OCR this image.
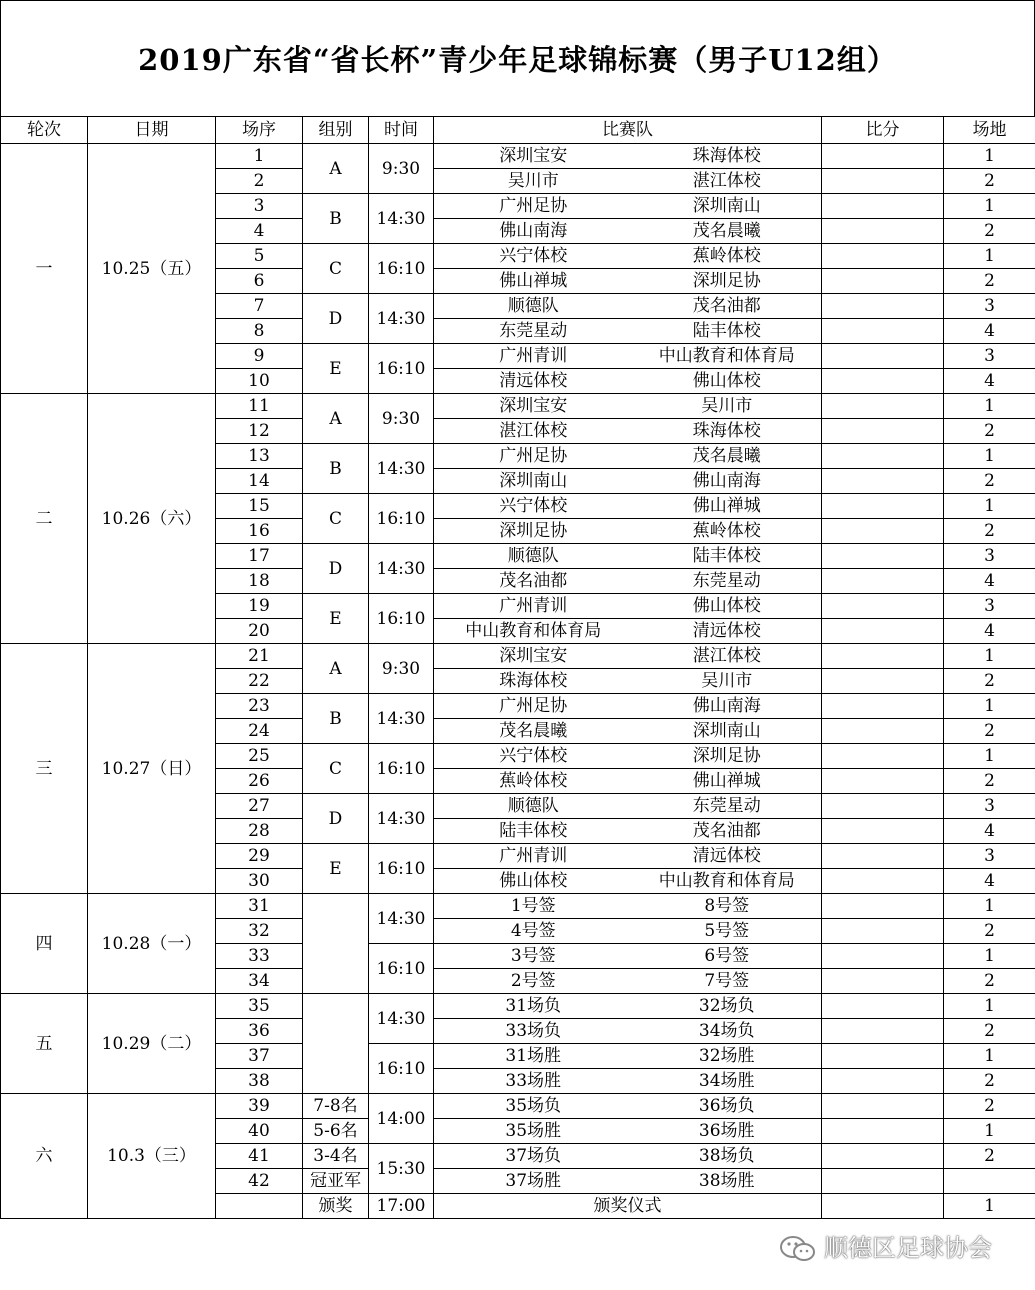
2019广东省“省长杯”青少年足球锦标赛（男子U12组）
轮次	日期	场序	组别	时间	比赛队		比分	场地
一	10.25（五）	1	A	9:30	深圳宝安	珠海体校		1
		2			吴川市	湛江体校		2
		3	B	14:30	广州足协	深圳南山		1
		4			佛山南海	茂名晨曦		2
		5	C	16:10	兴宁体校	蕉岭体校		1
		6			佛山禅城	深圳足协		2
		7	D	14:30	顺德队	茂名油都		3
		8			东莞星动	陆丰体校		4
		9	E	16:10	广州青训	中山教育和体育局		3
		10			清远体校	佛山体校		4
二	10.26（六）	11	A	9:30	深圳宝安	吴川市		1
		12			湛江体校	珠海体校		2
		13	B	14:30	广州足协	茂名晨曦		1
		14			深圳南山	佛山南海		2
		15	C	16:10	兴宁体校	佛山禅城		1
		16			深圳足协	蕉岭体校		2
		17	D	14:30	顺德队	陆丰体校		3
		18			茂名油都	东莞星动		4
		19	E	16:10	广州青训	佛山体校		3
		20			中山教育和体育局	清远体校		4
三	10.27（日）	21	A	9:30	深圳宝安	湛江体校		1
		22			珠海体校	吴川市		2
		23	B	14:30	广州足协	佛山南海		1
		24			茂名晨曦	深圳南山		2
		25	C	16:10	兴宁体校	深圳足协		1
		26			蕉岭体校	佛山禅城		2
		27	D	14:30	顺德队	东莞星动		3
		28			陆丰体校	茂名油都		4
		29	E	16:10	广州青训	清远体校		3
		30			佛山体校	中山教育和体育局		4
四	10.28（一）	31		14:30	1号签	8号签		1
		32			4号签	5号签		2
		33		16:10	3号签	6号签		1
		34			2号签	7号签		2
五	10.29（二）	35		14:30	31场负	32场负		1
		36			33场负	34场负		2
		37		16:10	31场胜	32场胜		1
		38			33场胜	34场胜		2
六	10.3（三）	39	7-8名	14:00	35场负	36场负		2
		40	5-6名		35场胜	36场胜		1
		41	3-4名	15:30	37场负	38场负		2
		42	冠亚军		37场胜	38场胜		
			颁奖	17:00	颁奖仪式			1
顺德区足球协会
